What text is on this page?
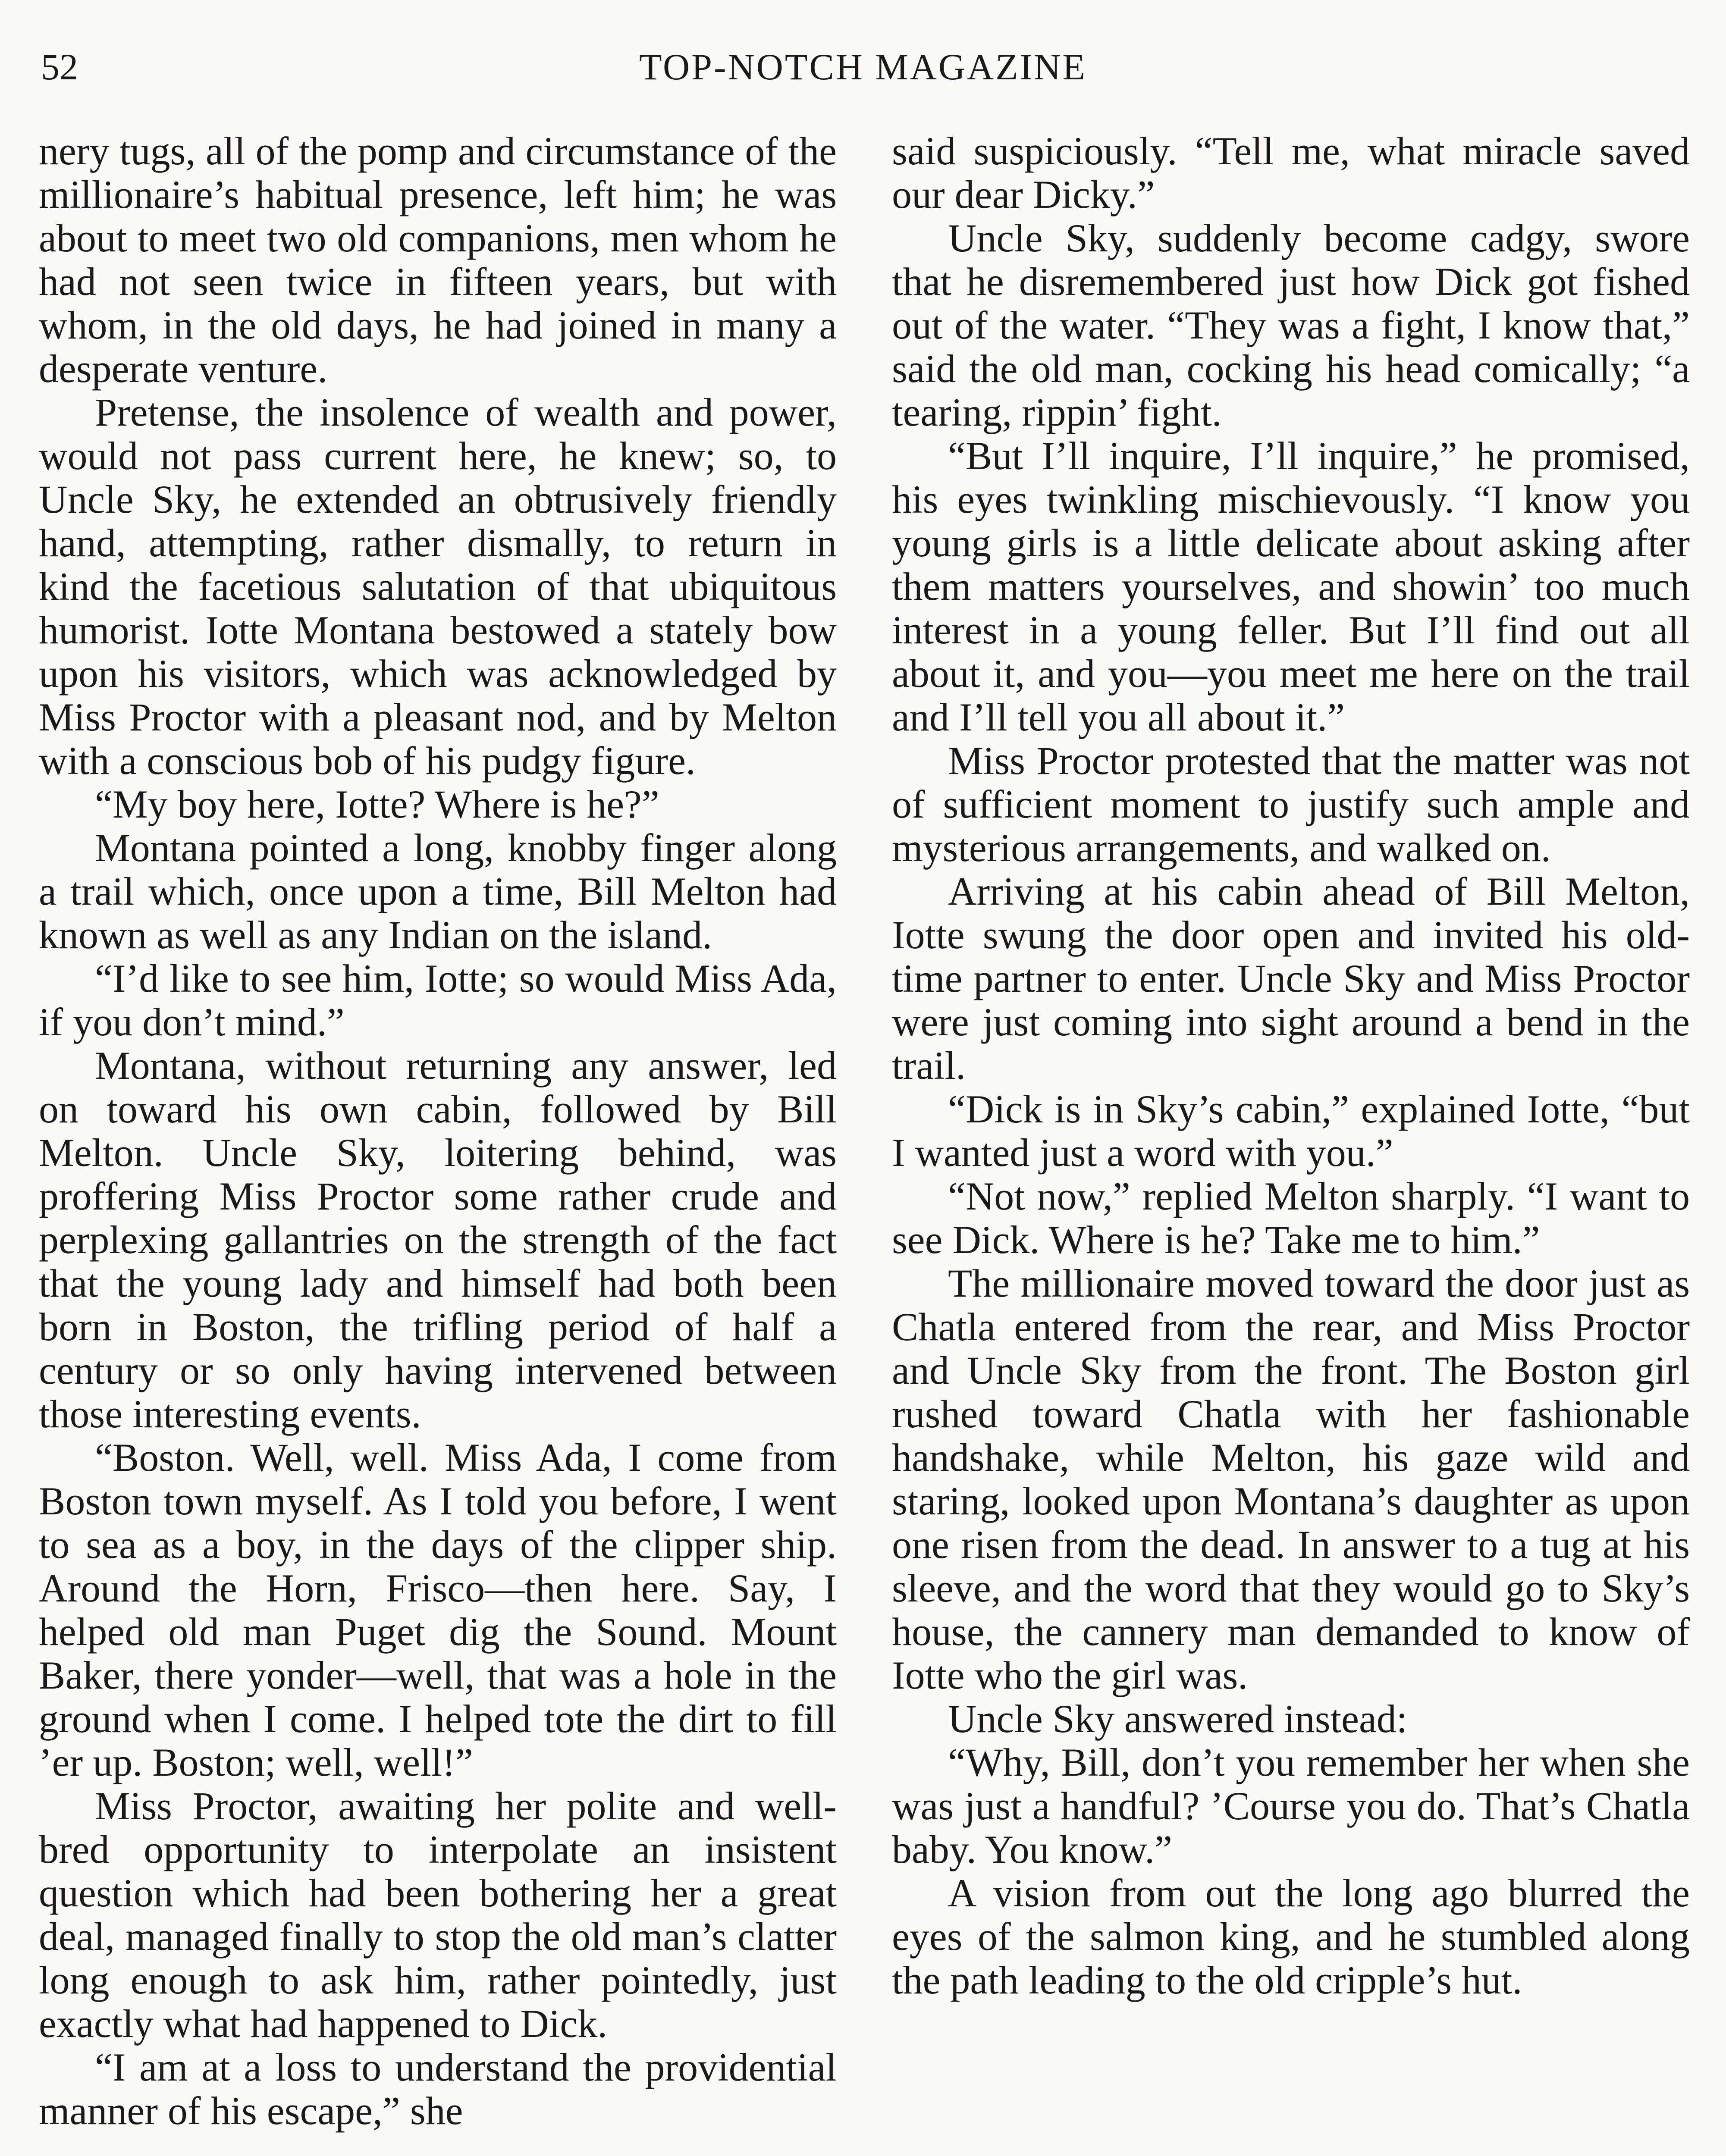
52	TOP-NOTCH MAGAZINE

nery tugs, all of the pomp and circumstance of the millionaire’s habitual presence, left him; he was about to meet two old companions, men whom he had not seen twice in fifteen years, but with whom, in the old days, he had joined in many a desperate venture.

Pretense, the insolence of wealth and power, would not pass current here, he knew; so, to Uncle Sky, he extended an obtrusively friendly hand, attempting, rather dismally, to return in kind the facetious salutation of that ubiquitous humorist. Iotte Montana bestowed a stately bow upon his visitors, which was acknowledged by Miss Proctor with a pleasant nod, and by Melton with a conscious bob of his pudgy figure.

“My boy here, Iotte? Where is he?”

Montana pointed a long, knobby finger along a trail which, once upon a time, Bill Melton had known as well as any Indian on the island.

“I’d like to see him, Iotte; so would Miss Ada, if you don’t mind.”

Montana, without returning any answer, led on toward his own cabin, followed by Bill Melton. Uncle Sky, loitering behind, was proffering Miss Proctor some rather crude and perplexing gallantries on the strength of the fact that the young lady and himself had both been born in Boston, the trifling period of half a century or so only having intervened between those interesting events.

“Boston. Well, well. Miss Ada, I come from Boston town myself. As I told you before, I went to sea as a boy, in the days of the clipper ship. Around the Horn, Frisco—then here. Say, I helped old man Puget dig the Sound. Mount Baker, there yonder—well, that was a hole in the ground when I come. I helped tote the dirt to fill ’er up. Boston; well, well!”

Miss Proctor, awaiting her polite and well-bred opportunity to interpolate an insistent question which had been bothering her a great deal, managed finally to stop the old man’s clatter long enough to ask him, rather pointedly, just exactly what had happened to Dick.

“I am at a loss to understand the providential manner of his escape,” she

said suspiciously. “Tell me, what miracle saved our dear Dicky.”

Uncle Sky, suddenly become cadgy, swore that he disremembered just how Dick got fished out of the water. “They was a fight, I know that,” said the old man, cocking his head comically; “a tearing, rippin’ fight.

“But I’ll inquire, I’ll inquire,” he promised, his eyes twinkling mischievously. “I know you young girls is a little delicate about asking after them matters yourselves, and showin’ too much interest in a young feller. But I’ll find out all about it, and you—you meet me here on the trail and I’ll tell you all about it.”

Miss Proctor protested that the matter was not of sufficient moment to justify such ample and mysterious arrangements, and walked on.

Arriving at his cabin ahead of Bill Melton, Iotte swung the door open and invited his old-time partner to enter. Uncle Sky and Miss Proctor were just coming into sight around a bend in the trail.

“Dick is in Sky’s cabin,” explained Iotte, “but I wanted just a word with you.”

“Not now,” replied Melton sharply. “I want to see Dick. Where is he? Take me to him.”

The millionaire moved toward the door just as Chatla entered from the rear, and Miss Proctor and Uncle Sky from the front. The Boston girl rushed toward Chatla with her fashionable handshake, while Melton, his gaze wild and staring, looked upon Montana’s daughter as upon one risen from the dead. In answer to a tug at his sleeve, and the word that they would go to Sky’s house, the cannery man demanded to know of Iotte who the girl was.

Uncle Sky answered instead:

“Why, Bill, don’t you remember her when she was just a handful? ’Course you do. That’s Chatla baby. You know.”

A vision from out the long ago blurred the eyes of the salmon king, and he stumbled along the path leading to the old cripple’s hut.
